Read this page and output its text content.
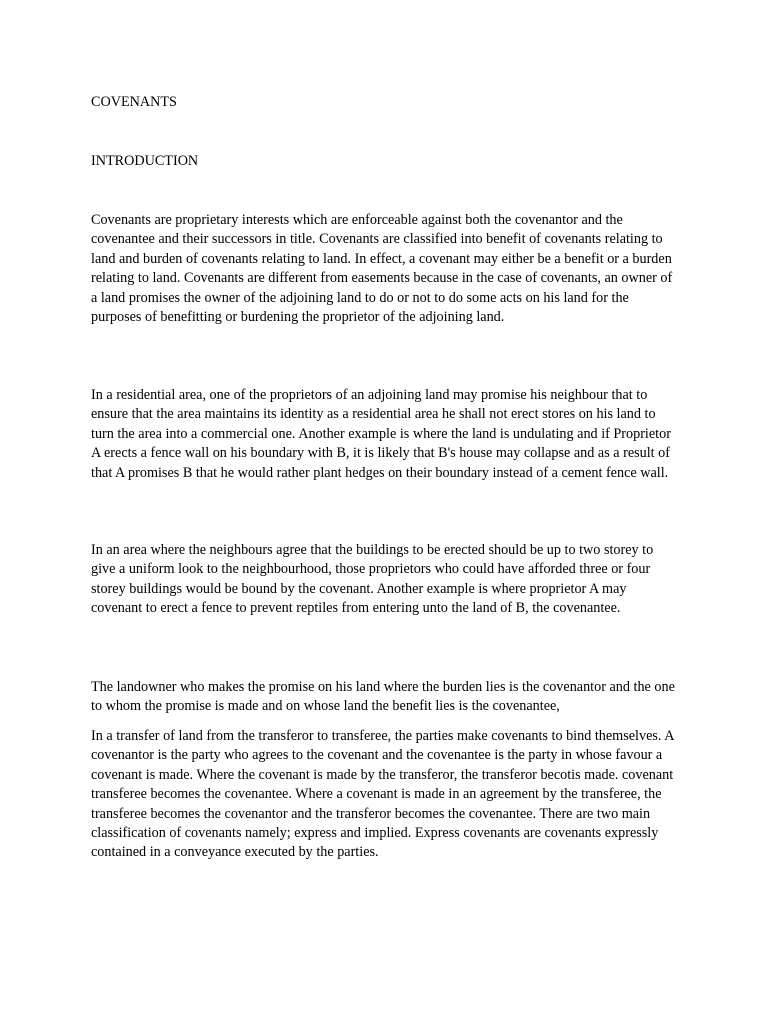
COVENANTS

INTRODUCTION

Covenants are proprietary interests which are enforceable against both the covenantor and the covenantee and their successors in title. Covenants are classified into benefit of covenants relating to land and burden of covenants relating to land. In effect, a covenant may either be a benefit or a burden relating to land. Covenants are different from easements because in the case of covenants, an owner of a land promises the owner of the adjoining land to do or not to do some acts on his land for the purposes of benefitting or burdening the proprietor of the adjoining land.

In a residential area, one of the proprietors of an adjoining land may promise his neighbour that to ensure that the area maintains its identity as a residential area he shall not erect stores on his land to turn the area into a commercial one. Another example is where the land is undulating and if Proprietor A erects a fence wall on his boundary with B, it is likely that B's house may collapse and as a result of that A promises B that he would rather plant hedges on their boundary instead of a cement fence wall.

In an area where the neighbours agree that the buildings to be erected should be up to two storey to give a uniform look to the neighbourhood, those proprietors who could have afforded three or four storey buildings would be bound by the covenant. Another example is where proprietor A may covenant to erect a fence to prevent reptiles from entering unto the land of B, the covenantee.

The landowner who makes the promise on his land where the burden lies is the covenantor and the one to whom the promise is made and on whose land the benefit lies is the covenantee,

In a transfer of land from the transferor to transferee, the parties make covenants to bind themselves. A covenantor is the party who agrees to the covenant and the covenantee is the party in whose favour a covenant is made. Where the covenant is made by the transferor, the transferor becotis made. covenant transferee becomes the covenantee. Where a covenant is made in an agreement by the transferee, the transferee becomes the covenantor and the transferor becomes the covenantee. There are two main classification of covenants namely; express and implied. Express covenants are covenants expressly contained in a conveyance executed by the parties.
